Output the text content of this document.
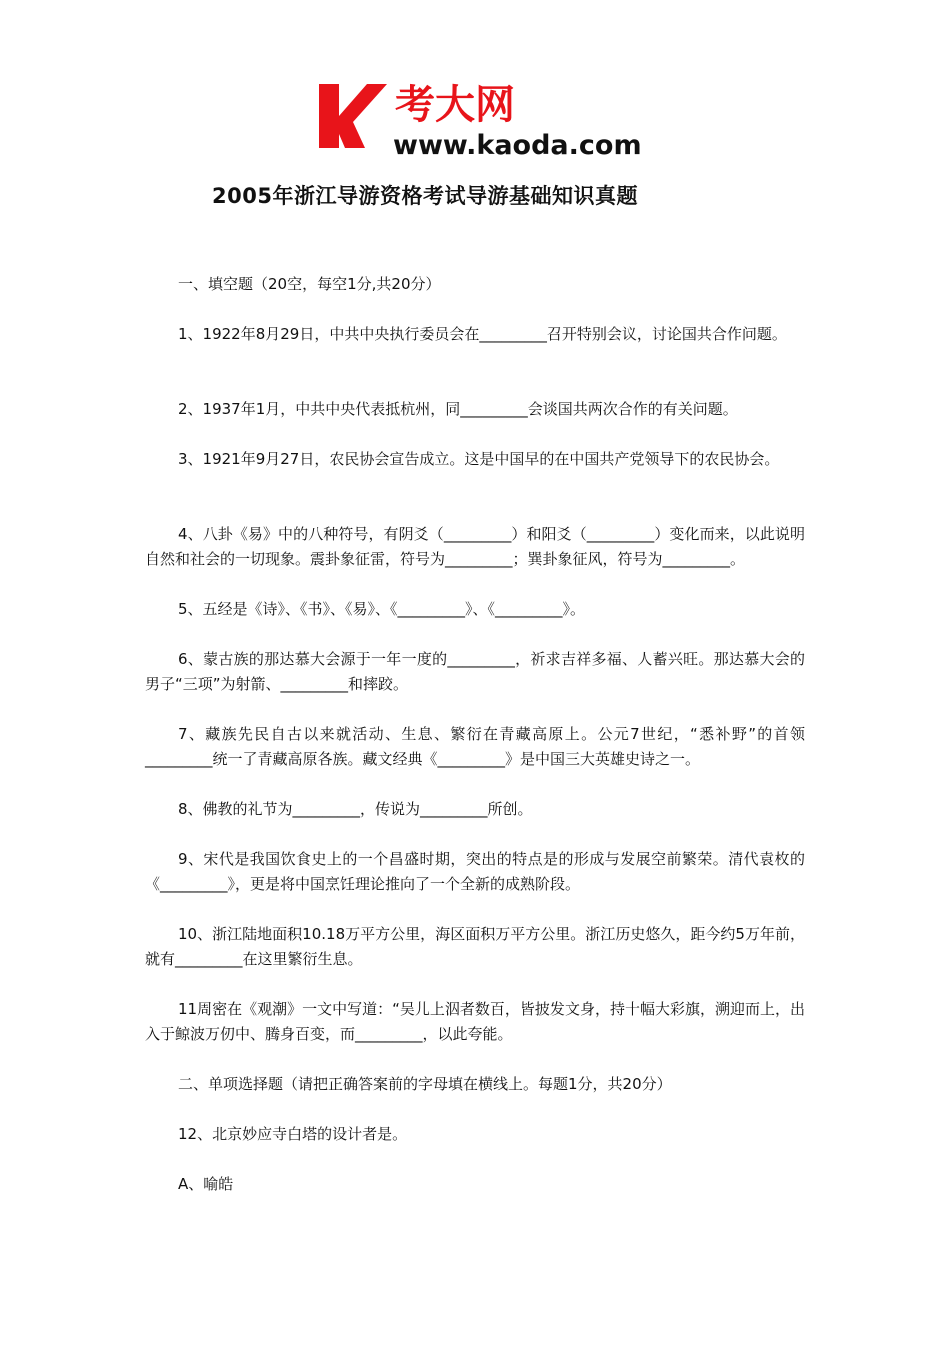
考大网
www.kaoda.com
2005年浙江导游资格考试导游基础知识真题

一、填空题（20空，每空1分,共20分）

1、1922年8月29日，中共中央执行委员会在_________召开特别会议，讨论国共合作问题。

2、1937年1月，中共中央代表抵杭州，同_________会谈国共两次合作的有关问题。

3、1921年9月27日，农民协会宣告成立。这是中国早的在中国共产党领导下的农民协会。

4、八卦《易》中的八种符号，有阴爻（_________）和阳爻（_________）变化而来，以此说明自然和社会的一切现象。震卦象征雷，符号为_________；巽卦象征风，符号为_________。

5、五经是《诗》、《书》、《易》、《_________》、《_________》。

6、蒙古族的那达慕大会源于一年一度的_________，祈求吉祥多福、人蓄兴旺。那达慕大会的男子“三项”为射箭、_________和摔跤。

7、藏族先民自古以来就活动、生息、繁衍在青藏高原上。公元7世纪，“悉补野”的首领_________统一了青藏高原各族。藏文经典《_________》是中国三大英雄史诗之一。

8、佛教的礼节为_________，传说为_________所创。

9、宋代是我国饮食史上的一个昌盛时期，突出的特点是的形成与发展空前繁荣。清代袁枚的《_________》，更是将中国烹饪理论推向了一个全新的成熟阶段。

10、浙江陆地面积10.18万平方公里，海区面积万平方公里。浙江历史悠久，距今约5万年前，就有_________在这里繁衍生息。

11周密在《观潮》一文中写道：“吴儿上泅者数百，皆披发文身，持十幅大彩旗，溯迎而上，出入于鲸波万仞中、腾身百变，而_________，以此夸能。

二、单项选择题（请把正确答案前的字母填在横线上。每题1分，共20分）

12、北京妙应寺白塔的设计者是。

A、喻皓
